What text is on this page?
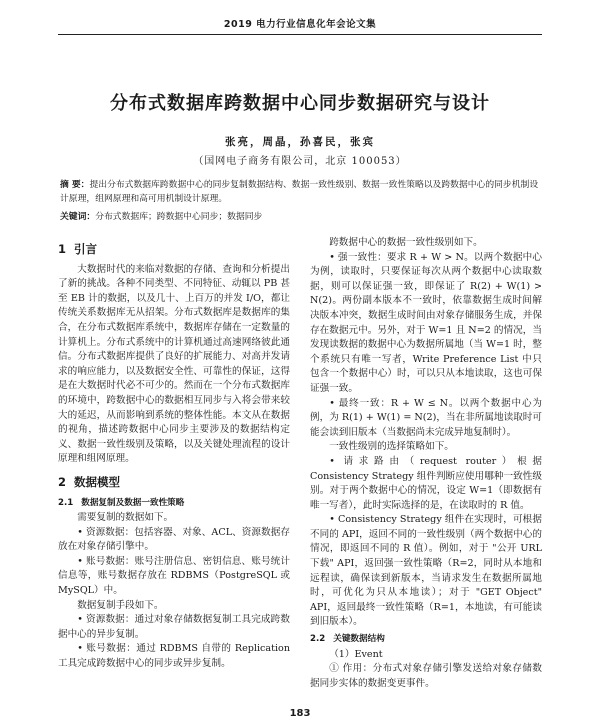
2019 电力行业信息化年会论文集
分布式数据库跨数据中心同步数据研究与设计
张亮，周晶，孙喜民，张宾
（国网电子商务有限公司，北京 100053）
摘 要：提出分布式数据库跨数据中心的同步复制数据结构、数据一致性级别、数据一致性策略以及跨数据中心的同步机制设计原理，组网原理和高可用机制设计原理。
关键词：分布式数据库；跨数据中心同步；数据同步
1 引言

大数据时代的来临对数据的存储、查询和分析提出了新的挑战。各种不同类型、不同特征、动辄以 PB 甚至 EB 计的数据，以及几十、上百万的并发 I/O，都让传统关系数据库无从招架。分布式数据库是数据库的集合，在分布式数据库系统中，数据库存储在一定数量的计算机上。分布式系统中的计算机通过高速网络彼此通信。分布式数据库提供了良好的扩展能力、对高并发请求的响应能力，以及数据安全性、可靠性的保证，这得是在大数据时代必不可少的。然而在一个分布式数据库的环境中，跨数据中心的数据相互同步与入将会带来较大的延迟，从而影响到系统的整体性能。本文从在数据的视角，描述跨数据中心同步主要涉及的数据结构定义、数据一致性级别及策略，以及关键处理流程的设计原理和组网原理。

2 数据模型
2.1 数据复制及数据一致性策略

需要复制的数据如下。

• 资源数据：包括容器、对象、ACL、资源数据存放在对象存储引擎中。

• 账号数据：账号注册信息、密钥信息、账号统计信息等，账号数据存放在 RDBMS（PostgreSQL 或 MySQL）中。

数据复制手段如下。

• 资源数据：通过对象存储数据复制工具完成跨数据中心的异步复制。

• 账号数据：通过 RDBMS 自带的 Replication 工具完成跨数据中心的同步或异步复制。

跨数据中心的数据一致性级别如下。

• 强一致性：要求 R + W > N。以两个数据中心为例，读取时，只要保证每次从两个数据中心读取数据，则可以保证强一致，即保证了 R(2) + W(1) > N(2)。两份副本版本不一致时，依靠数据生成时间解决版本冲突，数据生成时间由对象存储服务生成，并保存在数据元中。另外，对于 W=1 且 N=2 的情况，当发现读数据的数据中心为数据所属地（当 W=1 时，整个系统只有唯一写者，Write Preference List 中只包含一个数据中心）时，可以只从本地读取，这也可保证强一致。

• 最终一致：R + W ≤ N。以两个数据中心为例，为 R(1) + W(1) = N(2)，当在非所属地读取时可能会读到旧版本（当数据尚未完成异地复制时）。

一致性级别的选择策略如下。

• 请求路由（request router）根据 Consistency Strategy 组件判断应使用哪种一致性级别。对于两个数据中心的情况，设定 W=1（即数据有唯一写者），此时实际选择的是，在读取时的 R 值。

• Consistency Strategy 组件在实现时，可根据不同的 API，返回不同的一致性级别（两个数据中心的情况，即返回不同的 R 值）。例如，对于 "公开 URL 下载" API，返回强一致性策略（R=2，同时从本地和远程读，确保读到新版本，当请求发生在数据所属地时，可优化为只从本地读）；对于 "GET Object" API，返回最终一致性策略（R=1，本地读，有可能读到旧版本）。

2.2 关键数据结构

（1）Event

① 作用：分布式对象存储引擎发送给对象存储数据同步实体的数据变更事件。

183
